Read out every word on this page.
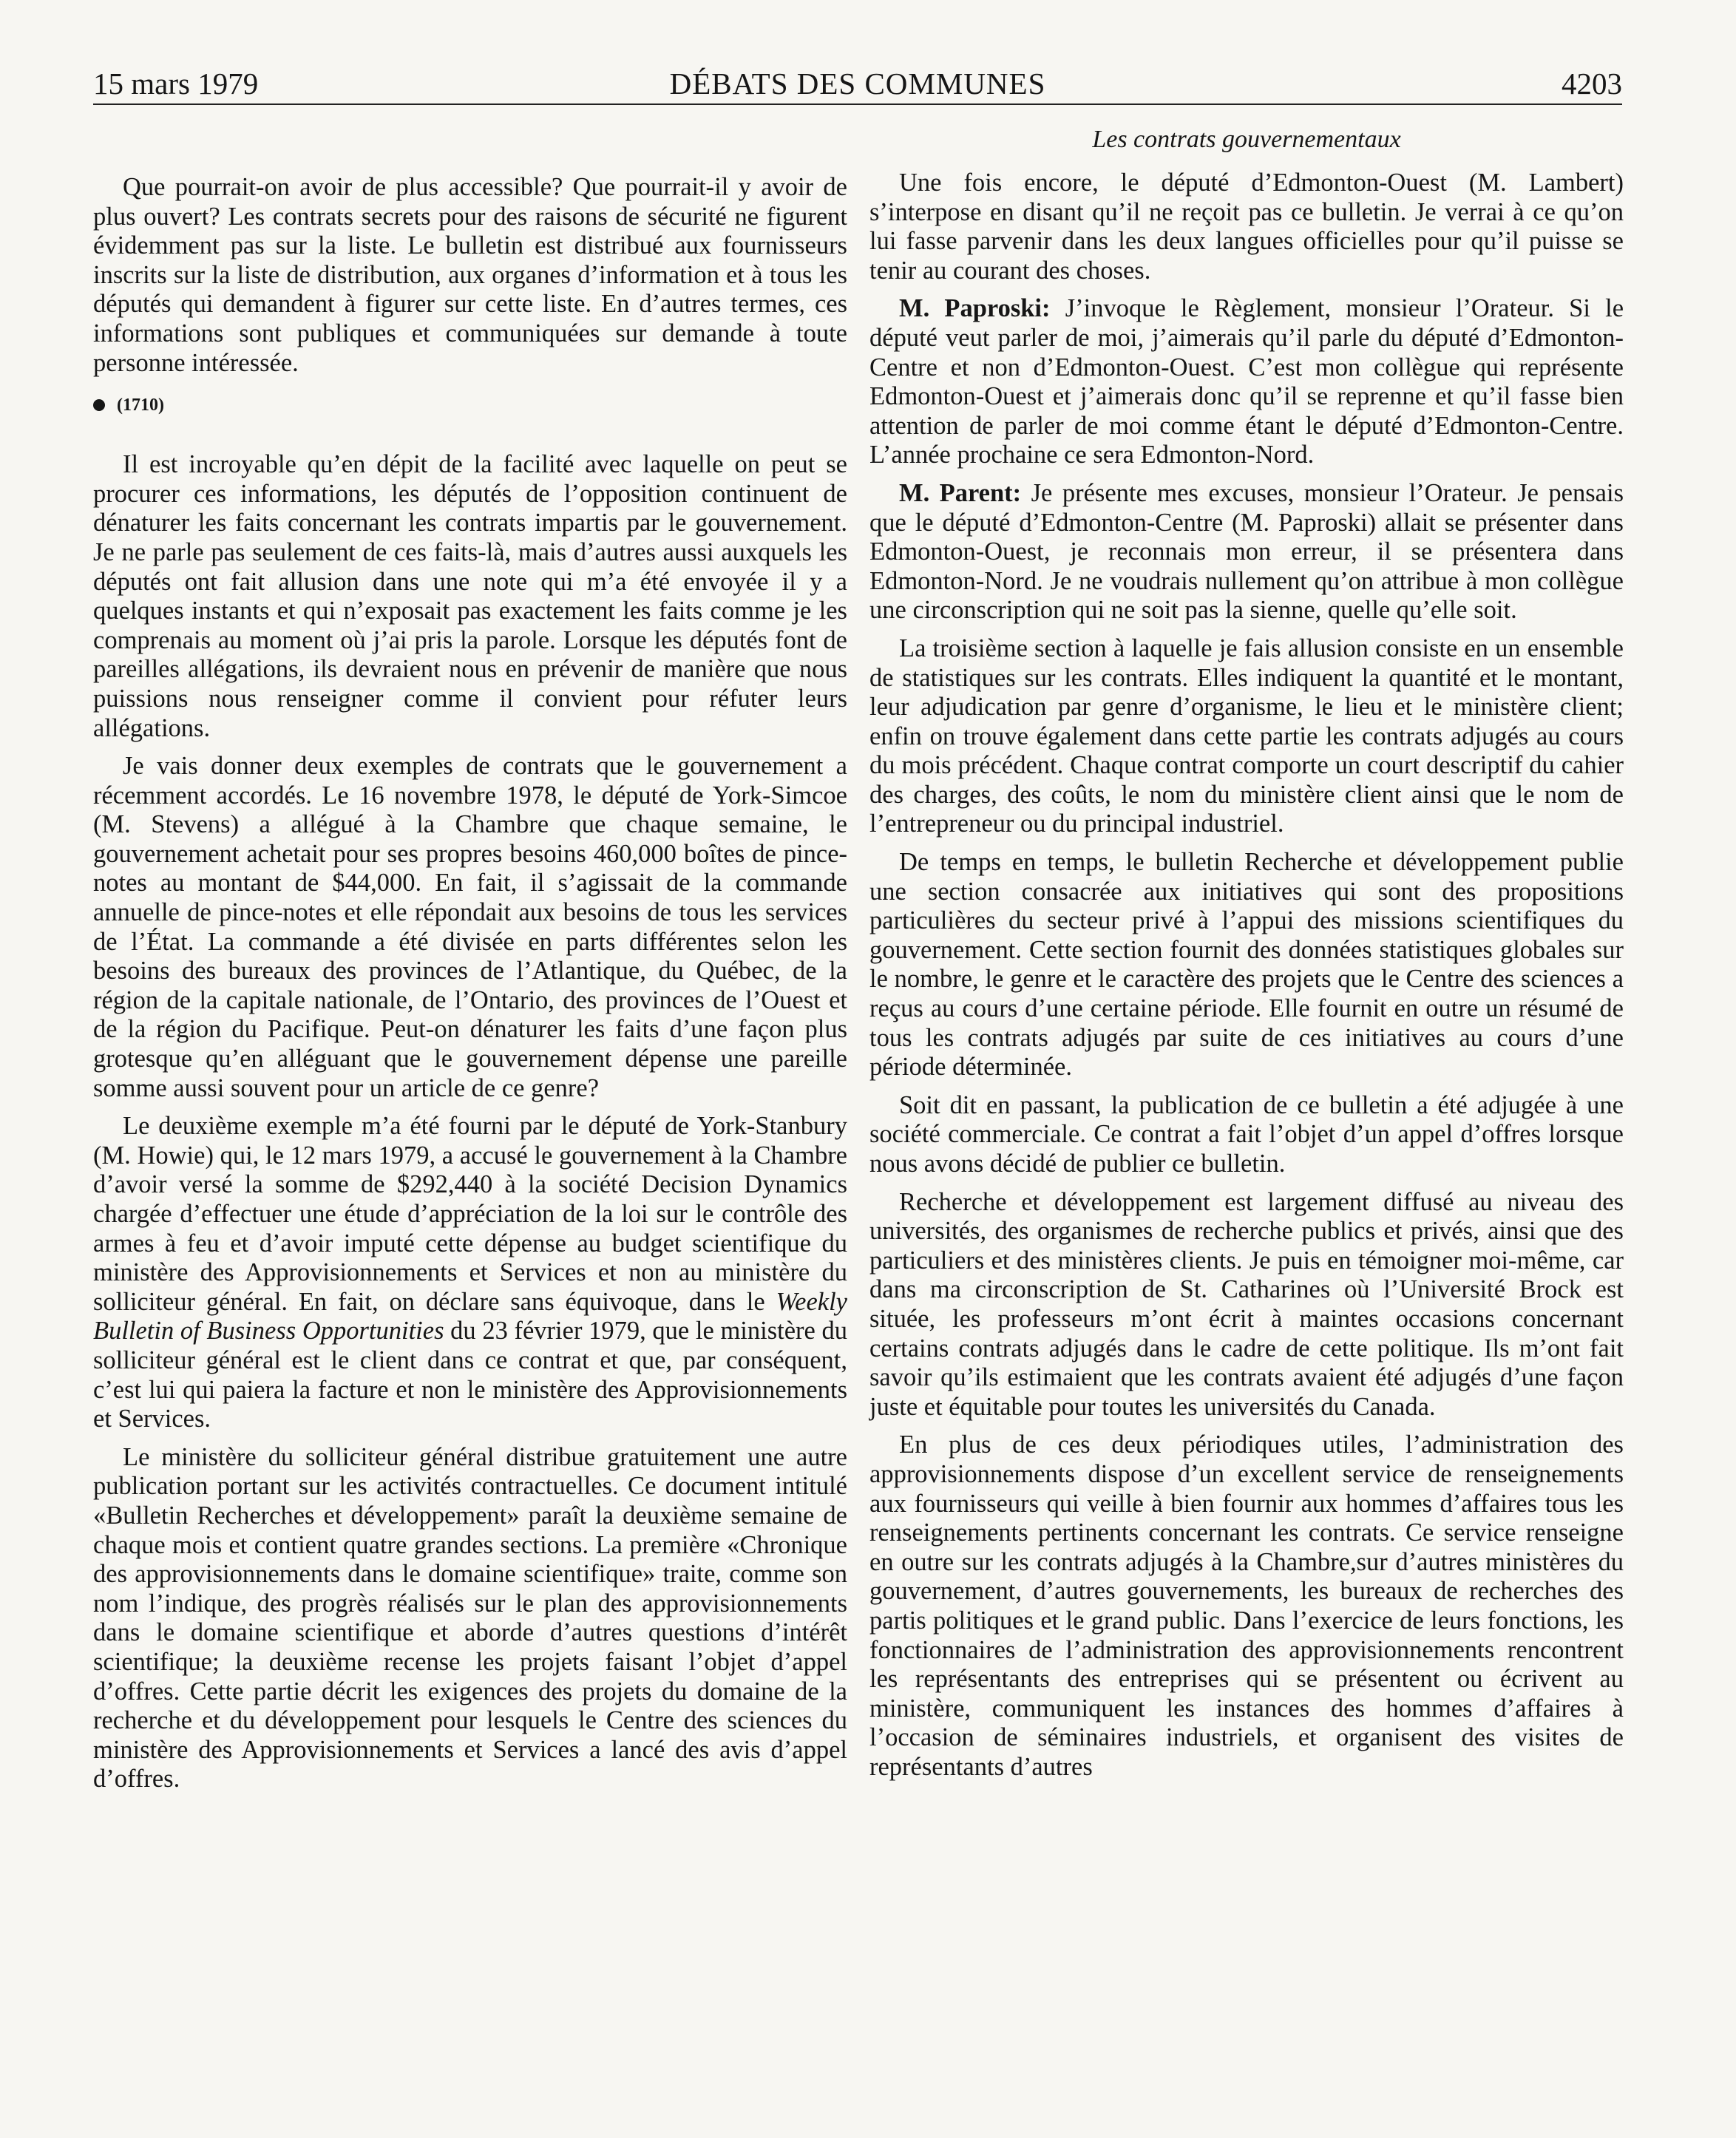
15 mars 1979	DÉBATS DES COMMUNES	4203

Que pourrait-on avoir de plus accessible? Que pourrait-il y avoir de plus ouvert? Les contrats secrets pour des raisons de sécurité ne figurent évidemment pas sur la liste. Le bulletin est distribué aux fournisseurs inscrits sur la liste de distribution, aux organes d’information et à tous les députés qui demandent à figurer sur cette liste. En d’autres termes, ces informations sont publiques et communiquées sur demande à toute personne intéressée.

(1710)

Il est incroyable qu’en dépit de la facilité avec laquelle on peut se procurer ces informations, les députés de l’opposition continuent de dénaturer les faits concernant les contrats impartis par le gouvernement. Je ne parle pas seulement de ces faits-là, mais d’autres aussi auxquels les députés ont fait allusion dans une note qui m’a été envoyée il y a quelques instants et qui n’exposait pas exactement les faits comme je les comprenais au moment où j’ai pris la parole. Lorsque les députés font de pareilles allégations, ils devraient nous en prévenir de manière que nous puissions nous renseigner comme il convient pour réfuter leurs allégations.

Je vais donner deux exemples de contrats que le gouvernement a récemment accordés. Le 16 novembre 1978, le député de York-Simcoe (M. Stevens) a allégué à la Chambre que chaque semaine, le gouvernement achetait pour ses propres besoins 460,000 boîtes de pince-notes au montant de $44,000. En fait, il s’agissait de la commande annuelle de pince-notes et elle répondait aux besoins de tous les services de l’État. La commande a été divisée en parts différentes selon les besoins des bureaux des provinces de l’Atlantique, du Québec, de la région de la capitale nationale, de l’Ontario, des provinces de l’Ouest et de la région du Pacifique. Peut-on dénaturer les faits d’une façon plus grotesque qu’en alléguant que le gouvernement dépense une pareille somme aussi souvent pour un article de ce genre?

Le deuxième exemple m’a été fourni par le député de York-Stanbury (M. Howie) qui, le 12 mars 1979, a accusé le gouvernement à la Chambre d’avoir versé la somme de $292,440 à la société Decision Dynamics chargée d’effectuer une étude d’appréciation de la loi sur le contrôle des armes à feu et d’avoir imputé cette dépense au budget scientifique du ministère des Approvisionnements et Services et non au ministère du solliciteur général. En fait, on déclare sans équivoque, dans le Weekly Bulletin of Business Opportunities du 23 février 1979, que le ministère du solliciteur général est le client dans ce contrat et que, par conséquent, c’est lui qui paiera la facture et non le ministère des Approvisionnements et Services.

Le ministère du solliciteur général distribue gratuitement une autre publication portant sur les activités contractuelles. Ce document intitulé «Bulletin Recherches et développement» paraît la deuxième semaine de chaque mois et contient quatre grandes sections. La première «Chronique des approvisionnements dans le domaine scientifique» traite, comme son nom l’indique, des progrès réalisés sur le plan des approvisionnements dans le domaine scientifique et aborde d’autres questions d’intérêt scientifique; la deuxième recense les projets faisant l’objet d’appel d’offres. Cette partie décrit les exigences des projets du domaine de la recherche et du développement pour lesquels le Centre des sciences du ministère des Approvisionnements et Services a lancé des avis d’appel d’offres.

Les contrats gouvernementaux

Une fois encore, le député d’Edmonton-Ouest (M. Lambert) s’interpose en disant qu’il ne reçoit pas ce bulletin. Je verrai à ce qu’on lui fasse parvenir dans les deux langues officielles pour qu’il puisse se tenir au courant des choses.

M. Paproski: J’invoque le Règlement, monsieur l’Orateur. Si le député veut parler de moi, j’aimerais qu’il parle du député d’Edmonton-Centre et non d’Edmonton-Ouest. C’est mon collègue qui représente Edmonton-Ouest et j’aimerais donc qu’il se reprenne et qu’il fasse bien attention de parler de moi comme étant le député d’Edmonton-Centre. L’année prochaine ce sera Edmonton-Nord.

M. Parent: Je présente mes excuses, monsieur l’Orateur. Je pensais que le député d’Edmonton-Centre (M. Paproski) allait se présenter dans Edmonton-Ouest, je reconnais mon erreur, il se présentera dans Edmonton-Nord. Je ne voudrais nullement qu’on attribue à mon collègue une circonscription qui ne soit pas la sienne, quelle qu’elle soit.

La troisième section à laquelle je fais allusion consiste en un ensemble de statistiques sur les contrats. Elles indiquent la quantité et le montant, leur adjudication par genre d’organisme, le lieu et le ministère client; enfin on trouve également dans cette partie les contrats adjugés au cours du mois précédent. Chaque contrat comporte un court descriptif du cahier des charges, des coûts, le nom du ministère client ainsi que le nom de l’entrepreneur ou du principal industriel.

De temps en temps, le bulletin Recherche et développement publie une section consacrée aux initiatives qui sont des propositions particulières du secteur privé à l’appui des missions scientifiques du gouvernement. Cette section fournit des données statistiques globales sur le nombre, le genre et le caractère des projets que le Centre des sciences a reçus au cours d’une certaine période. Elle fournit en outre un résumé de tous les contrats adjugés par suite de ces initiatives au cours d’une période déterminée.

Soit dit en passant, la publication de ce bulletin a été adjugée à une société commerciale. Ce contrat a fait l’objet d’un appel d’offres lorsque nous avons décidé de publier ce bulletin.

Recherche et développement est largement diffusé au niveau des universités, des organismes de recherche publics et privés, ainsi que des particuliers et des ministères clients. Je puis en témoigner moi-même, car dans ma circonscription de St. Catharines où l’Université Brock est située, les professeurs m’ont écrit à maintes occasions concernant certains contrats adjugés dans le cadre de cette politique. Ils m’ont fait savoir qu’ils estimaient que les contrats avaient été adjugés d’une façon juste et équitable pour toutes les universités du Canada.

En plus de ces deux périodiques utiles, l’administration des approvisionnements dispose d’un excellent service de renseignements aux fournisseurs qui veille à bien fournir aux hommes d’affaires tous les renseignements pertinents concernant les contrats. Ce service renseigne en outre sur les contrats adjugés à la Chambre,sur d’autres ministères du gouvernement, d’autres gouvernements, les bureaux de recherches des partis politiques et le grand public. Dans l’exercice de leurs fonctions, les fonctionnaires de l’administration des approvisionnements rencontrent les représentants des entreprises qui se présentent ou écrivent au ministère, communiquent les instances des hommes d’affaires à l’occasion de séminaires industriels, et organisent des visites de représentants d’autres
